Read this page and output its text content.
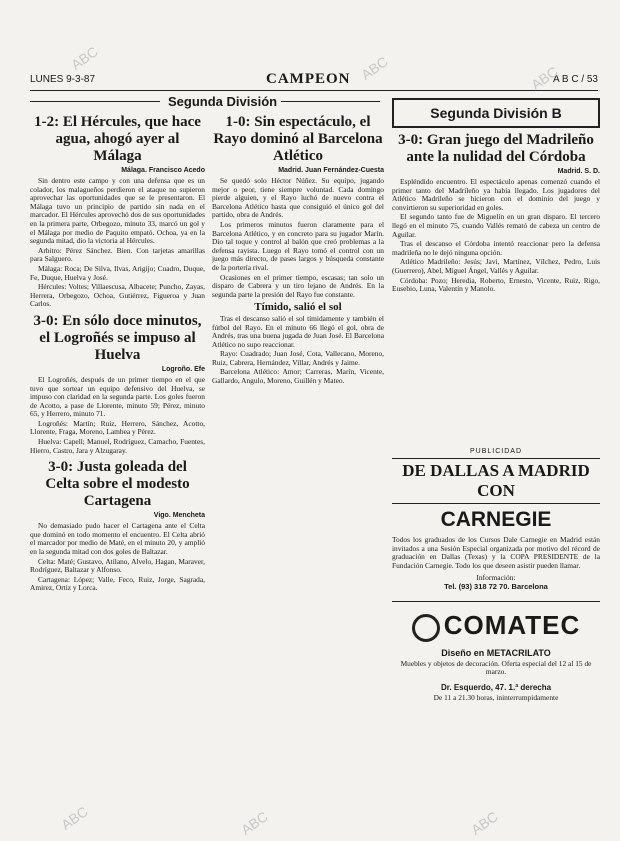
LUNES 9-3-87	CAMPEON	A B C / 53
Segunda División
1-2: El Hércules, que hace agua, ahogó ayer al Málaga
Málaga. Francisco Acedo

Sin dentro este campo y con una defensa que es un colador, los malagueños perdieron el ataque no supieron aprovechar las oportunidades que se le presentaron. El Málaga tuvo un principio de partido sin nada en el marcador. El Hércules aprovechó dos de sus oportunidades en la primera parte, Orbegozo, minuto 33, marcó un gol y el Málaga por medio de Paquito empató. Ochoa, ya en la segunda mitad, dio la victoria al Hércules.

Arbitro: Pérez Sánchez. Bien. Con tarjetas amarillas para Salguero.

Málaga: Roca; De Silva, Ilvas, Arigijo; Cuadro, Duque, Fe, Duque, Huelva y José.

Hércules: Voltes; Villaescusa, Albacete; Puncho, Zayas, Herrera, Orbegozo, Ochoa, Gutiérrez, Figueroa y Juan Carlos.

3-0: En sólo doce minutos, el Logroñés se impuso al Huelva
Logroño. Efe

El Logroñés, después de un primer tiempo en el que tuvo que sortear un equipo defensivo del Huelva, se impuso con claridad en la segunda parte. Los goles fueron de Acotto, a pase de Llorente, minuto 59; Pérez, minuto 65, y Herrero, minuto 71.

Logroñés: Martín; Ruiz, Herrero, Sánchez, Acotto, Llorente, Fraga, Moreno, Lambea y Pérez.

Huelva: Capell; Manuel, Rodríguez, Camacho, Fuentes, Hierro, Castro, Jara y Alzugaray.

3-0: Justa goleada del Celta sobre el modesto Cartagena
Vigo. Mencheta

No demasiado pudo hacer el Cartagena ante el Celta que dominó en todo momento el encuentro. El Celta abrió el marcador por medio de Maté, en el minuto 20, y amplió en la segunda mitad con dos goles de Baltazar.

Celta: Maté; Gustavo, Atilano, Alvelo, Hagan, Maraver, Rodríguez, Baltazar y Alfonso.

Cartagena: López; Valle, Feco, Ruiz, Jorge, Sagrada, Amirez, Ortiz y Lorca.

1-0: Sin espectáculo, el Rayo dominó al Barcelona Atlético
Madrid. Juan Fernández-Cuesta

Se quedó solo Héctor Núñez. Su equipo, jugando mejor o peor, tiene siempre voluntad. Cada domingo pierde alguien, y el Rayo luchó de nuevo contra el Barcelona Atlético hasta que consiguió el único gol del partido, obra de Andrés.

Los primeros minutos fueron claramente para el Barcelona Atlético, y en concreto para su jugador Marín. Dio tal toque y control al balón que creó problemas a la defensa rayista. Luego el Rayo tomó el control con un juego más directo, de pases largos y búsqueda constante de la portería rival.

Ocasiones en el primer tiempo, escasas; tan solo un disparo de Cabrera y un tiro lejano de Andrés. En la segunda parte la presión del Rayo fue constante.

Tímido, salió el sol

Tras el descanso salió el sol tímidamente y también el fútbol del Rayo. En el minuto 66 llegó el gol, obra de Andrés, tras una buena jugada de Juan José. El Barcelona Atlético no supo reaccionar.

Rayo: Cuadrado; Juan José, Cota, Vallecano, Moreno, Ruiz, Cabrera, Hernández, Villar, Andrés y Jaime.

Barcelona Atlético: Amor; Carreras, Marín, Vicente, Gallardo, Angulo, Moreno, Guillén y Mateo.

Segunda División B
3-0: Gran juego del Madrileño ante la nulidad del Córdoba
Madrid. S. D.

Espléndido encuentro. El espectáculo apenas comenzó cuando el primer tanto del Madrileño ya había llegado. Los jugadores del Atlético Madrileño se hicieron con el dominio del juego y convirtieron su superioridad en goles.

El segundo tanto fue de Miguelín en un gran disparo. El tercero llegó en el minuto 75, cuando Vallés remató de cabeza un centro de Aguilar.

Tras el descanso el Córdoba intentó reaccionar pero la defensa madrileña no le dejó ninguna opción.

Atlético Madrileño: Jesús; Javi, Martínez, Vílchez, Pedro, Luis (Guerrero), Abel, Miguel Ángel, Vallés y Aguilar.

Córdoba: Pozo; Heredia, Roberto, Ernesto, Vicente, Ruiz, Rigo, Eusebio, Luna, Valentín y Manolo.

PUBLICIDAD
DE DALLAS A MADRID CON
CARNEGIE
Todos los graduados de los Cursos Dale Carnegie en Madrid están invitados a una Sesión Especial organizada por motivo del récord de graduación en Dallas (Texas) y la COPA PRESIDENTE de la Fundación Carnegie. Todo los que deseen asistir pueden llamar.
Información:
Tel. (93) 318 72 70. Barcelona
COMATEC
Diseño en METACRILATO
Muebles y objetos de decoración. Oferta especial del 12 al 15 de marzo.
Dr. Esquerdo, 47. 1.ª derecha
De 11 a 21.30 horas, ininterrumpidamente
ABC	ABC	ABC
ABC	ABC	ABC
